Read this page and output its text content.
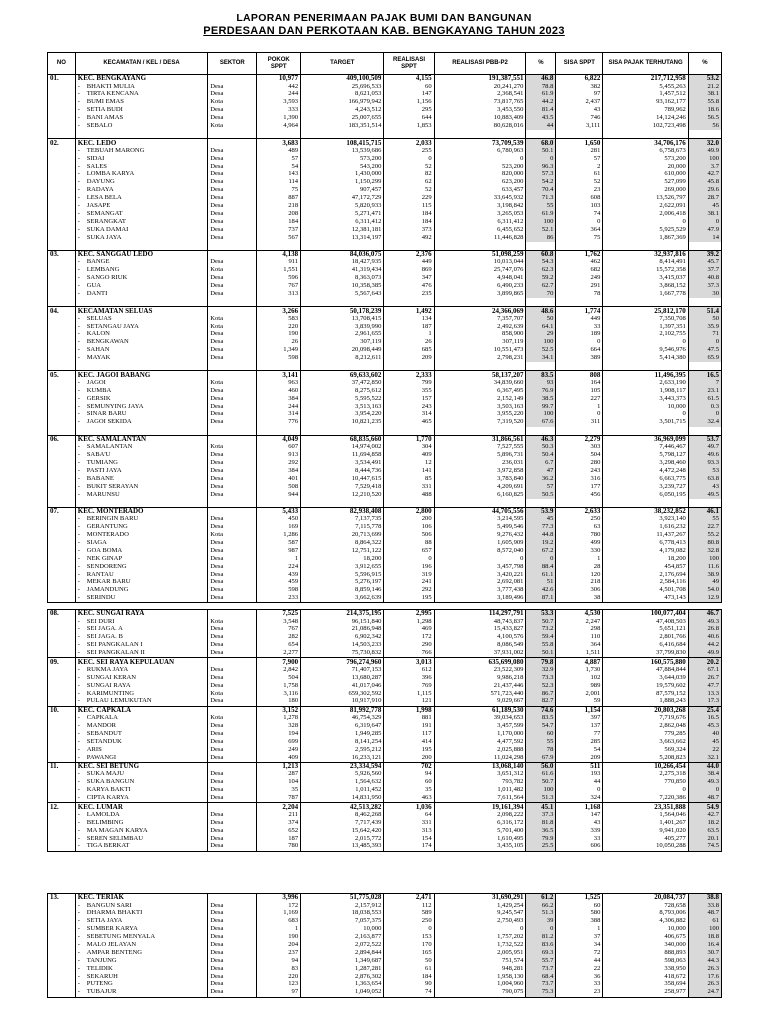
LAPORAN PENERIMAAN PAJAK BUMI DAN BANGUNAN
PERDESAAN DAN PERKOTAAN KAB. BENGKAYANG TAHUN 2023
NO	KECAMATAN / KEL / DESA	SEKTOR	POKOK SPPT	TARGET	REALISASI SPPT	REALISASI PBB-P2	%	SISA SPPT	SISA PAJAK TERHUTANG	%
01.	KEC. BENGKAYANG		10,977	409,100,509	4,155	191,387,551	46.8	6,822	217,712,958	53.2
	- BHAKTI MULIA	Desa	442	25,696,533	60	20,241,270	78.8	382	5,455,263	21.2
	- TIRTA KENCANA	Desa	244	8,621,053	147	2,368,541	61.9	97	1,457,512	38.1
	- BUMI EMAS	Kota	3,593	166,979,942	1,156	73,817,765	44.2	2,437	93,162,177	55.8
	- SETIA BUDI	Desa	333	4,243,512	295	3,453,550	81.4	43	789,962	18.6
	- BANI AMAS	Desa	1,390	25,007,655	644	10,883,409	43.5	746	14,124,246	56.5
	- SEBALO	Kota	4,964	183,351,514	1,853	80,628,016	44	3,111	102,723,498	56

02.	KEC. LEDO		3,683	108,415,715	2,033	73,709,539	68.0	1,650	34,706,176	32.0
	- TEBUAH MARONG	Desa	489	13,539,686	255	6,780,963	50.1	281	6,758,673	49.9
	- SIDAI	Desa	57	573,200	0	0	0	57	573,200	100
	- SALES	Desa	54	543,200	52	523,200	96.3	2	20,000	3.7
	- LOMBA KARYA	Desa	143	1,430,000	82	820,000	57.3	61	610,000	42.7
	- DAYUNG	Desa	114	1,150,299	62	623,200	54.2	52	527,099	45.8
	- RADAYA	Desa	75	907,457	52	633,457	70.4	23	269,000	29.6
	- LESA BELA	Desa	887	47,172,729	229	33,645,932	71.3	608	13,526,797	28.7
	- JASAPE	Desa	218	5,820,933	115	3,198,842	55	103	2,622,091	45
	- SEMANGAT	Desa	208	5,271,471	184	3,265,053	61.9	74	2,006,418	38.1
	- SERANGKAT	Desa	184	6,311,412	184	6,311,412	100	0	0	0
	- SUKA DAMAI	Desa	737	12,381,181	373	6,455,652	52.1	364	5,925,529	47.9
	- SUKA JAYA	Desa	567	13,314,197	492	11,446,828	86	75	1,867,369	14

03.	KEC. SANGGAU LEDO		4,138	84,036,075	2,376	51,098,259	60.8	1,762	32,937,816	39.2
	- BANGE	Desa	911	18,427,935	449	10,013,044	54.3	462	8,414,491	45.7
	- LEMBANG	Kota	1,551	41,319,434	869	25,747,076	62.3	682	15,572,358	37.7
	- SANGO RIUK	Desa	596	8,363,073	347	4,948,041	59.2	249	3,415,037	40.8
	- GUA	Desa	767	10,358,385	476	6,490,233	62.7	291	3,868,152	37.3
	- DANTI	Desa	313	5,567,643	235	3,899,865	70	78	1,667,778	30

04.	KECAMATAN SELUAS		3,266	50,178,239	1,492	24,366,069	48.6	1,774	25,812,170	51.4
	- SELUAS	Kota	583	13,708,415	134	7,357,707	50	449	7,350,708	50
	- SETANGAU JAYA	Kota	220	3,839,990	187	2,492,639	64.1	33	1,397,351	35.9
	- KALON	Desa	190	2,961,655	1	858,900	29	189	2,102,755	71
	- BENGKAWAN	Desa	26	307,119	26	307,119	100	0	0	0
	- SAHAN	Desa	1,349	20,098,449	685	10,551,473	52.5	664	9,546,976	47.5
	- MAYAK	Desa	598	8,212,611	209	2,798,231	34.1	389	5,414,380	65.9

05.	KEC. JAGOI BABANG		3,141	69,633,602	2,333	58,137,207	83.5	808	11,496,395	16.5
	- JAGOI	Kota	963	37,472,850	799	34,839,660	93	164	2,633,190	7
	- KUMBA	Desa	460	8,275,612	355	6,367,495	76.9	105	1,908,117	23.1
	- GERSIK	Desa	384	5,595,522	157	2,152,149	38.5	227	3,443,373	61.5
	- SEMUNYING JAYA	Desa	244	3,513,163	243	3,503,163	99.7	1	10,000	0.3
	- SINAR BARU	Desa	314	3,954,220	314	3,955,220	100	0	0	0
	- JAGOI SEKIDA	Desa	776	10,821,235	465	7,319,520	67.6	311	3,501,715	32.4

06.	KEC. SAMALANTAN		4,049	68,835,660	1,770	31,866,561	46.3	2,279	36,969,099	53.7
	- SAMALANTAN	Kota	607	14,974,002	304	7,527,555	50.3	303	7,446,467	49.7
	- SABA'U	Desa	913	11,694,858	409	5,896,731	50.4	504	5,798,127	49.6
	- TUMIANG	Desa	292	3,534,491	12	236,031	6.7	280	3,298,460	93.3
	- PASTI JAYA	Desa	384	8,444,736	141	3,972,858	47	243	4,472,248	53
	- BABANE	Desa	401	10,447,615	85	3,783,840	36.2	316	6,663,775	63.8
	- BUKIT SERAYAN	Desa	508	7,529,418	331	4,209,691	57	177	3,239,727	43
	- MARUNSU	Desa	944	12,210,520	488	6,160,825	50.5	456	6,050,195	49.5

07.	KEC. MONTERADO		5,433	82,938,408	2,800	44,705,556	53.9	2,633	38,232,852	46.1
	- BERINGIN BARU	Desa	450	7,137,735	200	3,214,595	45	250	3,923,140	55
	- GERANTUNG	Desa	169	7,115,778	106	5,499,546	77.3	63	1,616,232	22.7
	- MONTERADO	Kota	1,286	20,713,699	506	9,276,432	44.8	780	11,437,267	55.2
	- SIAGA	Desa	587	8,864,322	88	1,605,909	19.2	499	6,778,413	80.8
	- GOA BOMA	Desa	987	12,751,122	657	8,572,040	67.2	330	4,179,082	32.8
	- NEK GINAP	Desa	1	18,200	0	0	0	1	18,200	100
	- SENDORENG	Desa	224	3,912,655	196	3,457,798	88.4	28	454,857	11.6
	- RANTAU	Desa	439	5,596,915	319	3,420,221	61.1	120	2,176,694	38.9
	- MEKAR BARU	Desa	459	5,276,197	241	2,692,081	51	218	2,584,116	49
	- JAMANDUNG	Desa	598	8,859,146	292	3,777,438	42.6	306	4,501,708	54.0
	- SERINDU	Desa	233	3,662,639	195	3,189,496	87.1	38	473,143	12.9
08.	KEC. SUNGAI RAYA		7,525	214,375,195	2,995	114,297,791	53.3	4,530	100,077,404	46.7
	- SEI DURI	Kota	3,548	96,151,840	1,298	48,743,837	50.7	2,247	47,408,503	49.3
	- SEI JAGA. A	Desa	767	21,086,948	469	15,433,827	73.2	298	5,651,121	26.8
	- SEI JAGA. B	Desa	282	6,902,342	172	4,100,576	59.4	110	2,801,766	40.6
	- SEI PANGKALAN I	Desa	654	14,503,233	290	8,086,549	55.8	364	6,416,684	44.2
	- SEI PANGKALAN II	Desa	2,277	75,730,832	766	37,931,002	50.1	1,511	37,799,830	49.9
09.	KEC. SEI RAYA KEPULAUAN		7,900	796,274,960	3,013	635,699,080	79.8	4,887	160,575,880	20.2
	- RUKMA JAYA	Desa	2,842	71,407,153	612	23,522,309	32.9	1,730	47,884,844	67.1
	- SUNGAI KERAN	Desa	504	13,680,287	396	9,986,218	73.3	102	3,644,039	26.7
	- SUNGAI RAYA	Desa	1,758	41,017,046	769	21,437,446	52.3	989	19,579,602	47.7
	- KARIMUNTING	Kota	3,116	659,302,592	1,115	571,723,440	86.7	2,001	87,579,152	13.3
	- PULAU LEMUKUTAN	Desa	180	10,917,910	121	9,029,667	82.7	59	1,888,243	17.3
10.	KEC. CAPKALA		3,152	81,992,778	1,998	61,189,530	74.6	1,154	20,803,268	25.4
	- CAPKALA	Kota	1,278	46,754,329	881	39,034,653	83.5	397	7,719,676	16.5
	- MANDOR	Desa	328	6,319,647	191	3,457,599	54.7	137	2,862,048	45.3
	- SEBANDUT	Desa	194	1,949,285	117	1,170,000	60	77	779,285	40
	- SETANDUK	Desa	699	8,141,254	414	4,477,592	55	285	3,663,662	45
	- ARIS	Desa	249	2,595,212	195	2,025,888	78	54	569,324	22
	- PAWANGI	Desa	409	16,233,121	200	11,024,298	67.9	209	5,208,823	32.1
11.	KEC. SEI BETUNG		1,213	23,334,594	702	13,068,140	56.0	511	10,266,454	44.0
	- SUKA MAJU	Desa	287	5,926,560	94	3,651,312	61.6	193	2,275,318	38.4
	- SUKA BANGUN	Desa	104	1,564,632	60	793,782	50.7	44	770,850	49.3
	- KARYA BAKTI	Desa	35	1,011,452	35	1,011,482	100	0	0	0
	- CIPTA KARYA	Desa	787	14,831,950	463	7,611,564	51.3	324	7,220,386	48.7
12.	KEC. LUMAR		2,204	42,513,282	1,036	19,161,394	45.1	1,168	23,351,888	54.9
	- LAMOLDA	Desa	211	8,462,268	64	2,098,222	37.3	147	1,564,046	42.7
	- BELIMBING	Desa	374	7,717,439	331	6,316,172	81.8	43	1,401,267	18.2
	- MA MAGAN KARYA	Desa	652	15,642,420	313	5,701,400	36.5	339	9,941,020	63.5
	- SEREN SELIMBAU	Desa	187	2,015,772	154	1,610,495	79.9	33	405,277	20.1
	- TIGA BERKAT	Desa	780	13,485,393	174	3,435,105	25.5	606	10,050,288	74.5
13.	KEC. TERIAK		3,996	51,775,028	2,471	31,690,291	61.2	1,525	20,084,737	38.8
	- BANGUN SARI	Desa	172	2,157,912	112	1,429,254	66.2	60	728,658	33.8
	- DHARMA BHAKTI	Desa	1,169	18,038,553	589	9,245,547	51.3	580	8,793,006	48.7
	- SETIA JAYA	Desa	683	7,057,375	250	2,750,493	39	388	4,306,882	61
	- SUMBER KARYA	Desa	1	10,000	0	0	0	1	10,000	100
	- SEBETUNG MENYALA	Desa	190	2,163,877	153	1,757,202	81.2	37	406,675	18.8
	- MALO JELAYAN	Desa	204	2,072,522	170	1,732,522	83.6	34	340,000	16.4
	- AMPAR BENTENG	Desa	237	2,894,844	165	2,005,951	69.3	72	888,893	30.7
	- TANJUNG	Desa	94	1,349,687	50	751,574	55.7	44	598,063	44.3
	- TELIDIK	Desa	83	1,287,281	61	948,281	73.7	22	338,950	26.3
	- SEKARUH	Desa	220	2,876,302	184	1,958,130	68.4	36	418,672	17.6
	- PUTENG	Desa	123	1,363,654	90	1,004,960	73.7	33	358,694	26.3
	- TUBAJUR	Desa	97	1,049,052	74	790,075	75.3	23	258,977	24.7
